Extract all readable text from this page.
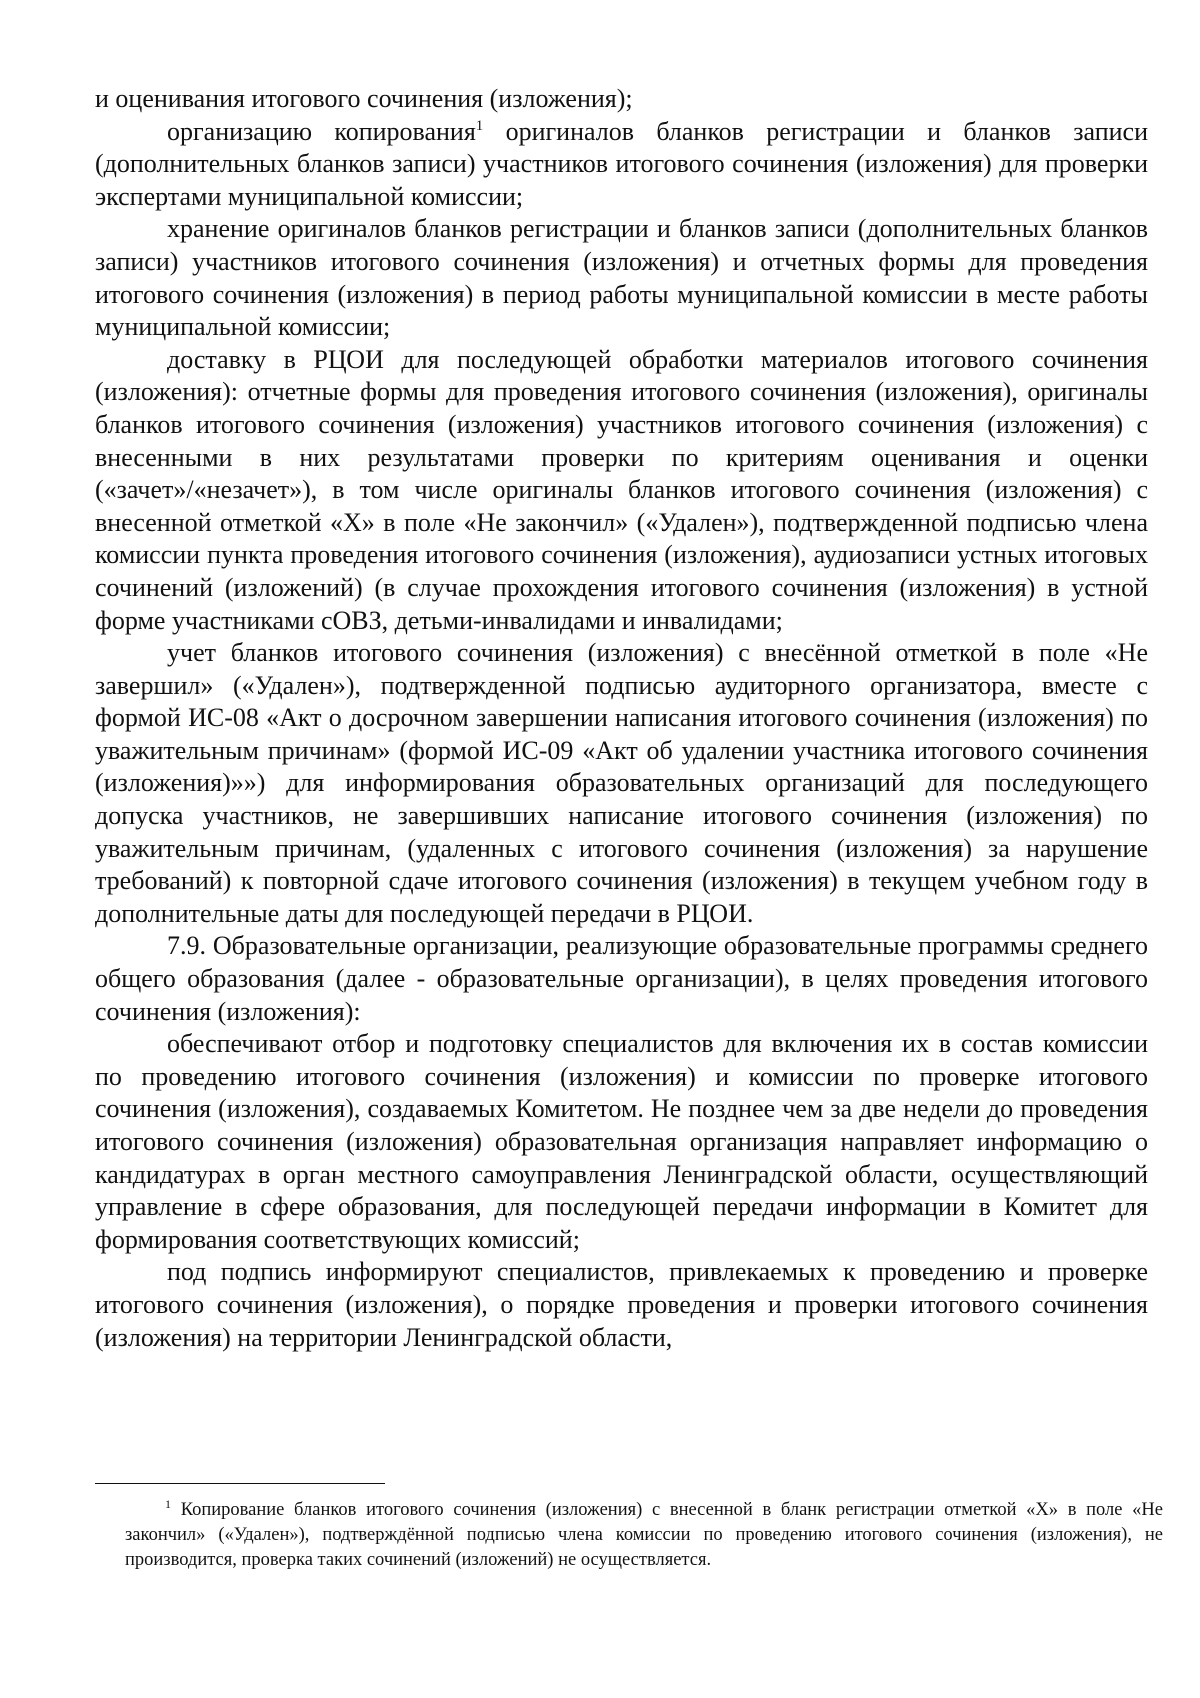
и оценивания итогового сочинения (изложения);

организацию копирования$^1$ оригиналов бланков регистрации и бланков записи (дополнительных бланков записи) участников итогового сочинения (изложения) для проверки экспертами муниципальной комиссии;

хранение оригиналов бланков регистрации и бланков записи (дополнительных бланков записи) участников итогового сочинения (изложения) и отчетных формы для проведения итогового сочинения (изложения) в период работы муниципальной комиссии в месте работы муниципальной комиссии;

доставку в РЦОИ для последующей обработки материалов итогового сочинения (изложения): отчетные формы для проведения итогового сочинения (изложения), оригиналы бланков итогового сочинения (изложения) участников итогового сочинения (изложения) с внесенными в них результатами проверки по критериям оценивания и оценки («зачет»/«незачет»), в том числе оригиналы бланков итогового сочинения (изложения) с внесенной отметкой «X» в поле «Не закончил» («Удален»), подтвержденной подписью члена комиссии пункта проведения итогового сочинения (изложения), аудиозаписи устных итоговых сочинений (изложений) (в случае прохождения итогового сочинения (изложения) в устной форме участниками сОВЗ, детьми-инвалидами и инвалидами;

учет бланков итогового сочинения (изложения) с внесённой отметкой в поле «Не завершил» («Удален»), подтвержденной подписью аудиторного организатора, вместе с формой ИС-08 «Акт о досрочном завершении написания итогового сочинения (изложения) по уважительным причинам» (формой ИС-09 «Акт об удалении участника итогового сочинения (изложения)»») для информирования образовательных организаций для последующего допуска участников, не завершивших написание итогового сочинения (изложения) по уважительным причинам, (удаленных с итогового сочинения (изложения) за нарушение требований) к повторной сдаче итогового сочинения (изложения) в текущем учебном году в дополнительные даты для последующей передачи в РЦОИ.

7.9. Образовательные организации, реализующие образовательные программы среднего общего образования (далее - образовательные организации), в целях проведения итогового сочинения (изложения):

обеспечивают отбор и подготовку специалистов для включения их в состав комиссии по проведению итогового сочинения (изложения) и комиссии по проверке итогового сочинения (изложения), создаваемых Комитетом. Не позднее чем за две недели до проведения итогового сочинения (изложения) образовательная организация направляет информацию о кандидатурах в орган местного самоуправления Ленинградской области, осуществляющий управление в сфере образования, для последующей передачи информации в Комитет для формирования соответствующих комиссий;

под подпись информируют специалистов, привлекаемых к проведению и проверке итогового сочинения (изложения), о порядке проведения и проверки итогового сочинения (изложения) на территории Ленинградской области,

$^1$ Копирование бланков итогового сочинения (изложения) с внесенной в бланк регистрации отметкой «X» в поле «Не закончил» («Удален»), подтверждённой подписью члена комиссии по проведению итогового сочинения (изложения), не производится, проверка таких сочинений (изложений) не осуществляется.
